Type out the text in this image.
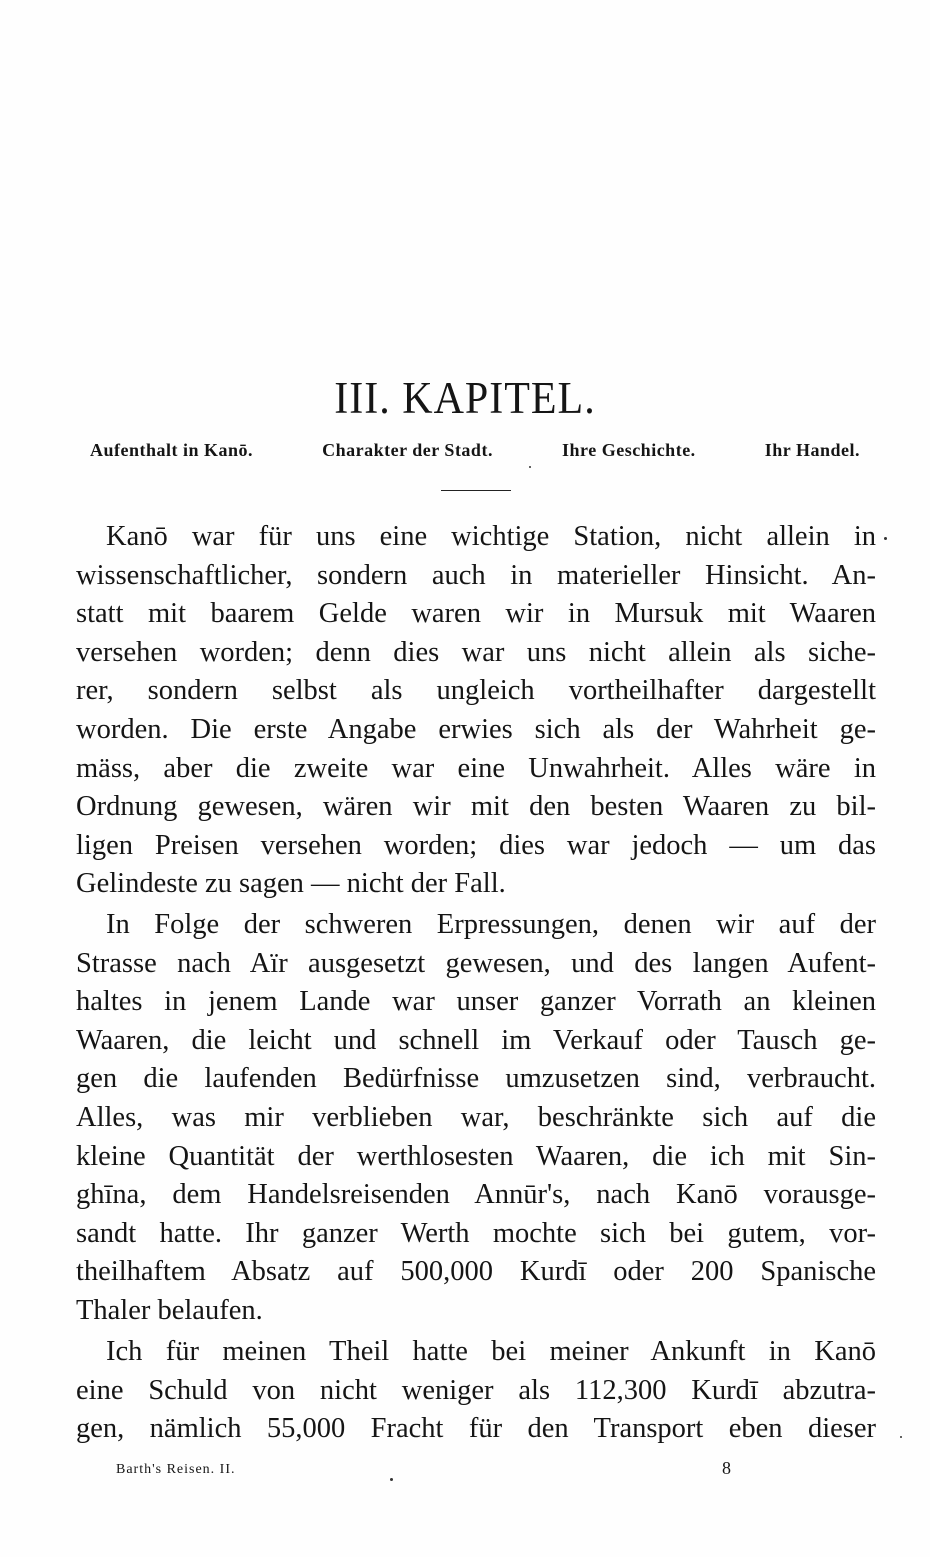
III. KAPITEL.
Aufenthalt in Kanō.	Charakter der Stadt.	Ihre Geschichte.	Ihr Handel.
Kanō war für uns eine wichtige Station, nicht allein in
wissenschaftlicher, sondern auch in materieller Hinsicht. An-
statt mit baarem Gelde waren wir in Mursuk mit Waaren
versehen worden; denn dies war uns nicht allein als siche-
rer, sondern selbst als ungleich vortheilhafter dargestellt
worden. Die erste Angabe erwies sich als der Wahrheit ge-
mäss, aber die zweite war eine Unwahrheit. Alles wäre in
Ordnung gewesen, wären wir mit den besten Waaren zu bil-
ligen Preisen versehen worden; dies war jedoch — um das
Gelindeste zu sagen — nicht der Fall.
In Folge der schweren Erpressungen, denen wir auf der
Strasse nach Aïr ausgesetzt gewesen, und des langen Aufent-
haltes in jenem Lande war unser ganzer Vorrath an kleinen
Waaren, die leicht und schnell im Verkauf oder Tausch ge-
gen die laufenden Bedürfnisse umzusetzen sind, verbraucht.
Alles, was mir verblieben war, beschränkte sich auf die
kleine Quantität der werthlosesten Waaren, die ich mit Sin-
ghīna, dem Handelsreisenden Annūr's, nach Kanō vorausge-
sandt hatte. Ihr ganzer Werth mochte sich bei gutem, vor-
theilhaftem Absatz auf 500,000 Kurdī oder 200 Spanische
Thaler belaufen.
Ich für meinen Theil hatte bei meiner Ankunft in Kanō
eine Schuld von nicht weniger als 112,300 Kurdī abzutra-
gen, nämlich 55,000 Fracht für den Transport eben dieser
Barth's Reisen. II.	8
